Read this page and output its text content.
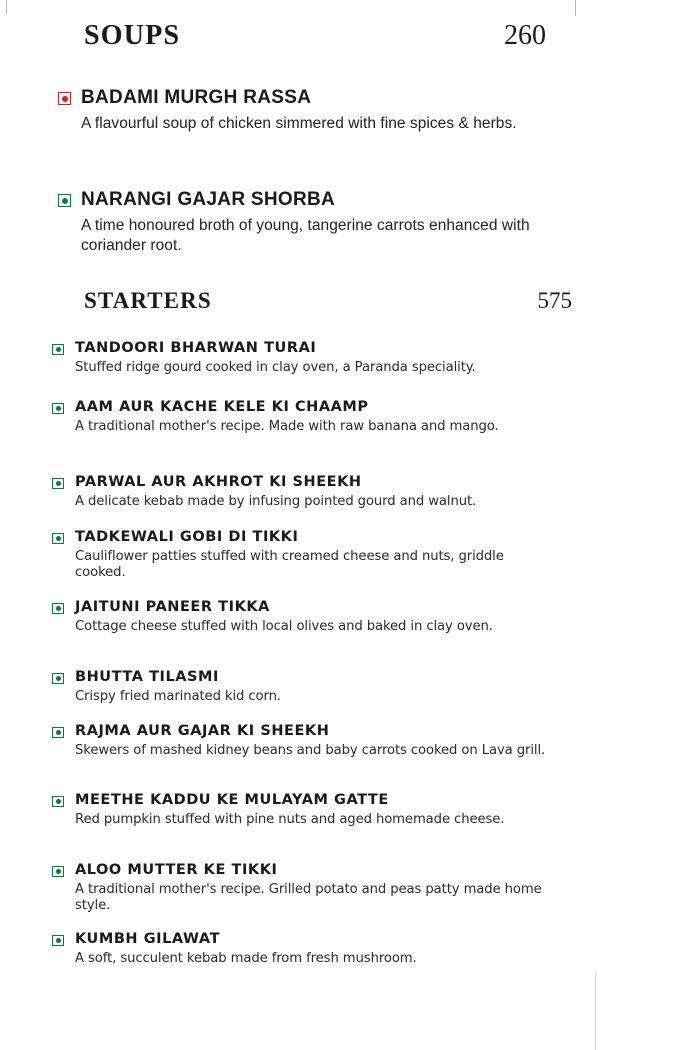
SOUPS	260
BADAMI MURGH RASSA
A flavourful soup of chicken simmered with fine spices & herbs.
NARANGI GAJAR SHORBA
A time honoured broth of young, tangerine carrots enhanced with coriander root.
STARTERS	575
TANDOORI BHARWAN TURAI
Stuffed ridge gourd cooked in clay oven, a Paranda speciality.
AAM AUR KACHE KELE KI CHAAMP
A traditional mother's recipe. Made with raw banana and mango.
PARWAL AUR AKHROT KI SHEEKH
A delicate kebab made by infusing pointed gourd and walnut.
TADKEWALI GOBI DI TIKKI
Cauliflower patties stuffed with creamed cheese and nuts, griddle cooked.
JAITUNI PANEER TIKKA
Cottage cheese stuffed with local olives and baked in clay oven.
BHUTTA TILASMI
Crispy fried marinated kid corn.
RAJMA AUR GAJAR KI SHEEKH
Skewers of mashed kidney beans and baby carrots cooked on Lava grill.
MEETHE KADDU KE MULAYAM GATTE
Red pumpkin stuffed with pine nuts and aged homemade cheese.
ALOO MUTTER KE TIKKI
A traditional mother's recipe. Grilled potato and peas patty made home style.
KUMBH GILAWAT
A soft, succulent kebab made from fresh mushroom.
